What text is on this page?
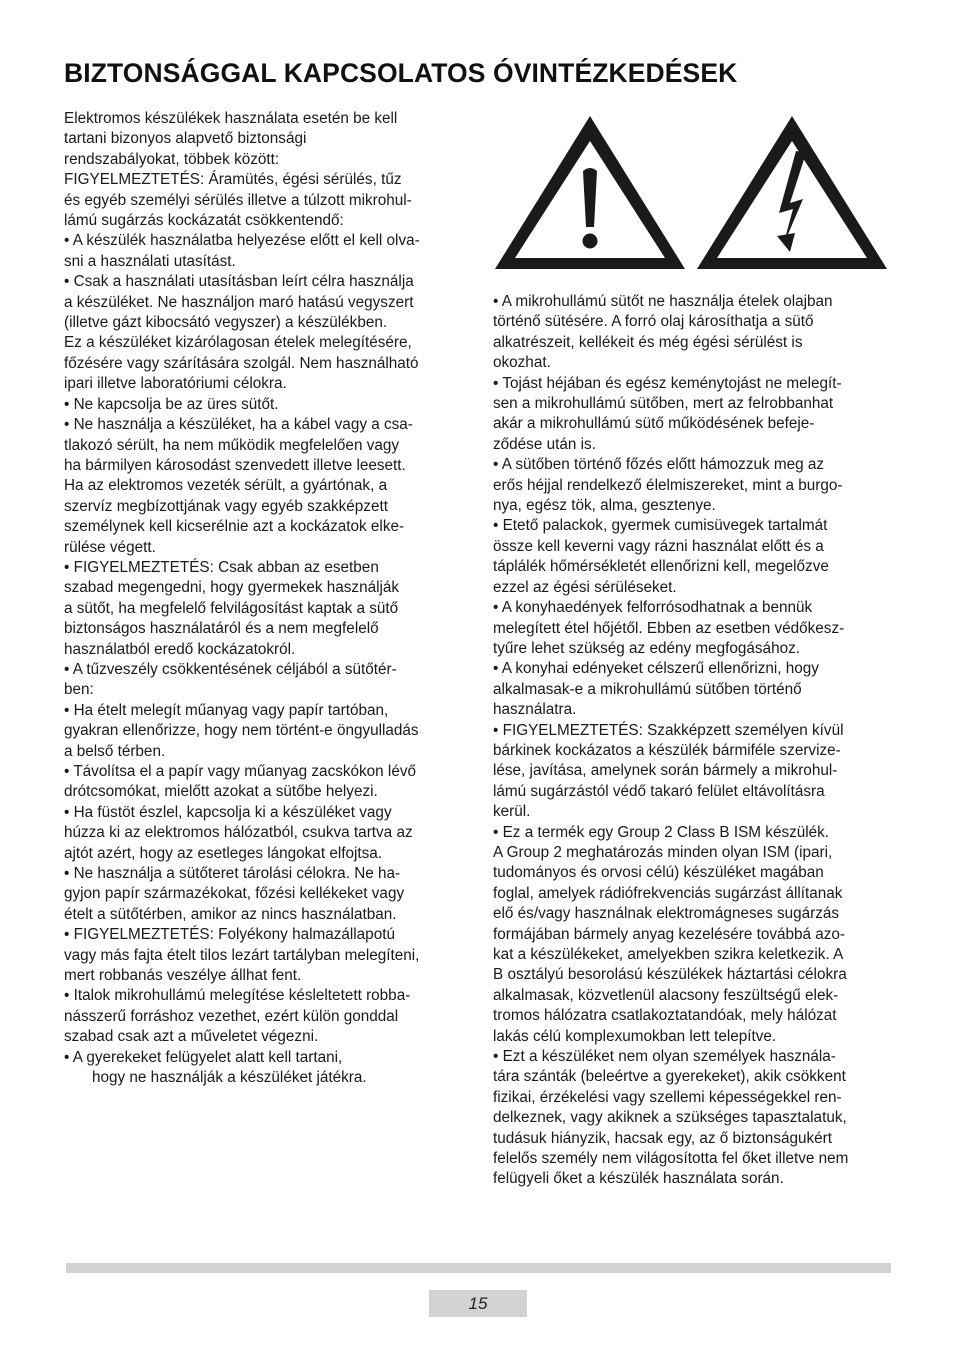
BIZTONSÁGGAL KAPCSOLATOS ÓVINTÉZKEDÉSEK
Elektromos készülékek használata esetén be kell
tartani bizonyos alapvető biztonsági
rendszabályokat, többek között:
FIGYELMEZTETÉS: Áramütés, égési sérülés, tűz
és egyéb személyi sérülés illetve a túlzott mikrohul-
lámú sugárzás kockázatát csökkentendő:
• A készülék használatba helyezése előtt el kell olva-
sni a használati utasítást.
• Csak a használati utasításban leírt célra használja
a készüléket. Ne használjon maró hatású vegyszert
(illetve gázt kibocsátó vegyszer) a készülékben.
Ez a készüléket kizárólagosan ételek melegítésére,
főzésére vagy szárítására szolgál. Nem használható
ipari illetve laboratóriumi célokra.
• Ne kapcsolja be az üres sütőt.
• Ne használja a készüléket, ha a kábel vagy a csa-
tlakozó sérült, ha nem működik megfelelően vagy
ha bármilyen károsodást szenvedett illetve leesett.
Ha az elektromos vezeték sérült, a gyártónak, a
szervíz megbízottjának vagy egyéb szakképzett
személynek kell kicserélnie azt a kockázatok elke-
rülése végett.
• FIGYELMEZTETÉS: Csak abban az esetben
szabad megengedni, hogy gyermekek használják
a sütőt, ha megfelelő felvilágosítást kaptak a sütő
biztonságos használatáról és a nem megfelelő
használatból eredő kockázatokról.
• A tűzveszély csökkentésének céljából a sütőtér-
ben:
• Ha ételt melegít műanyag vagy papír tartóban,
gyakran ellenőrizze, hogy nem történt-e öngyulladás
a belső térben.
• Távolítsa el a papír vagy műanyag zacskókon lévő
drótcsomókat, mielőtt azokat a sütőbe helyezi.
• Ha füstöt észlel, kapcsolja ki a készüléket vagy
húzza ki az elektromos hálózatból, csukva tartva az
ajtót azért, hogy az esetleges lángokat elfojtsa.
• Ne használja a sütőteret tárolási célokra. Ne ha-
gyjon papír származékokat, főzési kellékeket vagy
ételt a sütőtérben, amikor az nincs használatban.
• FIGYELMEZTETÉS: Folyékony halmazállapotú
vagy más fajta ételt tilos lezárt tartályban melegíteni,
mert robbanás veszélye állhat fent.
• Italok mikrohullámú melegítése késleltetett robba-
násszerű forráshoz vezethet, ezért külön gonddal
szabad csak azt a műveletet végezni.
• A gyerekeket felügyelet alatt kell tartani,
hogy ne használják a készüléket játékra.
• A mikrohullámú sütőt ne használja ételek olajban
történő sütésére. A forró olaj károsíthatja a sütő
alkatrészeit, kellékeit és még égési sérülést is
okozhat.
• Tojást héjában és egész keménytojást ne melegít-
sen a mikrohullámú sütőben, mert az felrobbanhat
akár a mikrohullámú sütő működésének befeje-
ződése után is.
• A sütőben történő főzés előtt hámozzuk meg az
erős héjjal rendelkező élelmiszereket, mint a burgo-
nya, egész tök, alma, gesztenye.
• Etető palackok, gyermek cumisüvegek tartalmát
össze kell keverni vagy rázni használat előtt és a
táplálék hőmérsékletét ellenőrizni kell, megelőzve
ezzel az égési sérüléseket.
• A konyhaedények felforrósodhatnak a bennük
melegített étel hőjétől. Ebben az esetben védőkesz-
tyűre lehet szükség az edény megfogásához.
• A konyhai edényeket célszerű ellenőrizni, hogy
alkalmasak-e a mikrohullámú sütőben történő
használatra.
• FIGYELMEZTETÉS: Szakképzett személyen kívül
bárkinek kockázatos a készülék bármiféle szervize-
lése, javítása, amelynek során bármely a mikrohul-
lámú sugárzástól védő takaró felület eltávolításra
kerül.
• Ez a termék egy Group 2 Class B ISM készülék.
A Group 2 meghatározás minden olyan ISM (ipari,
tudományos és orvosi célú) készüléket magában
foglal, amelyek rádiófrekvenciás sugárzást állítanak
elő és/vagy használnak elektromágneses sugárzás
formájában bármely anyag kezelésére továbbá azo-
kat a készülékeket, amelyekben szikra keletkezik. A
B osztályú besorolású készülékek háztartási célokra
alkalmasak, közvetlenül alacsony feszültségű elek-
tromos hálózatra csatlakoztatandóak, mely hálózat
lakás célú komplexumokban lett telepítve.
• Ezt a készüléket nem olyan személyek használa-
tára szánták (beleértve a gyerekeket), akik csökkent
fizikai, érzékelési vagy szellemi képességekkel ren-
delkeznek, vagy akiknek a szükséges tapasztalatuk,
tudásuk hiányzik, hacsak egy, az ő biztonságukért
felelős személy nem világosította fel őket illetve nem
felügyeli őket a készülék használata során.
15
